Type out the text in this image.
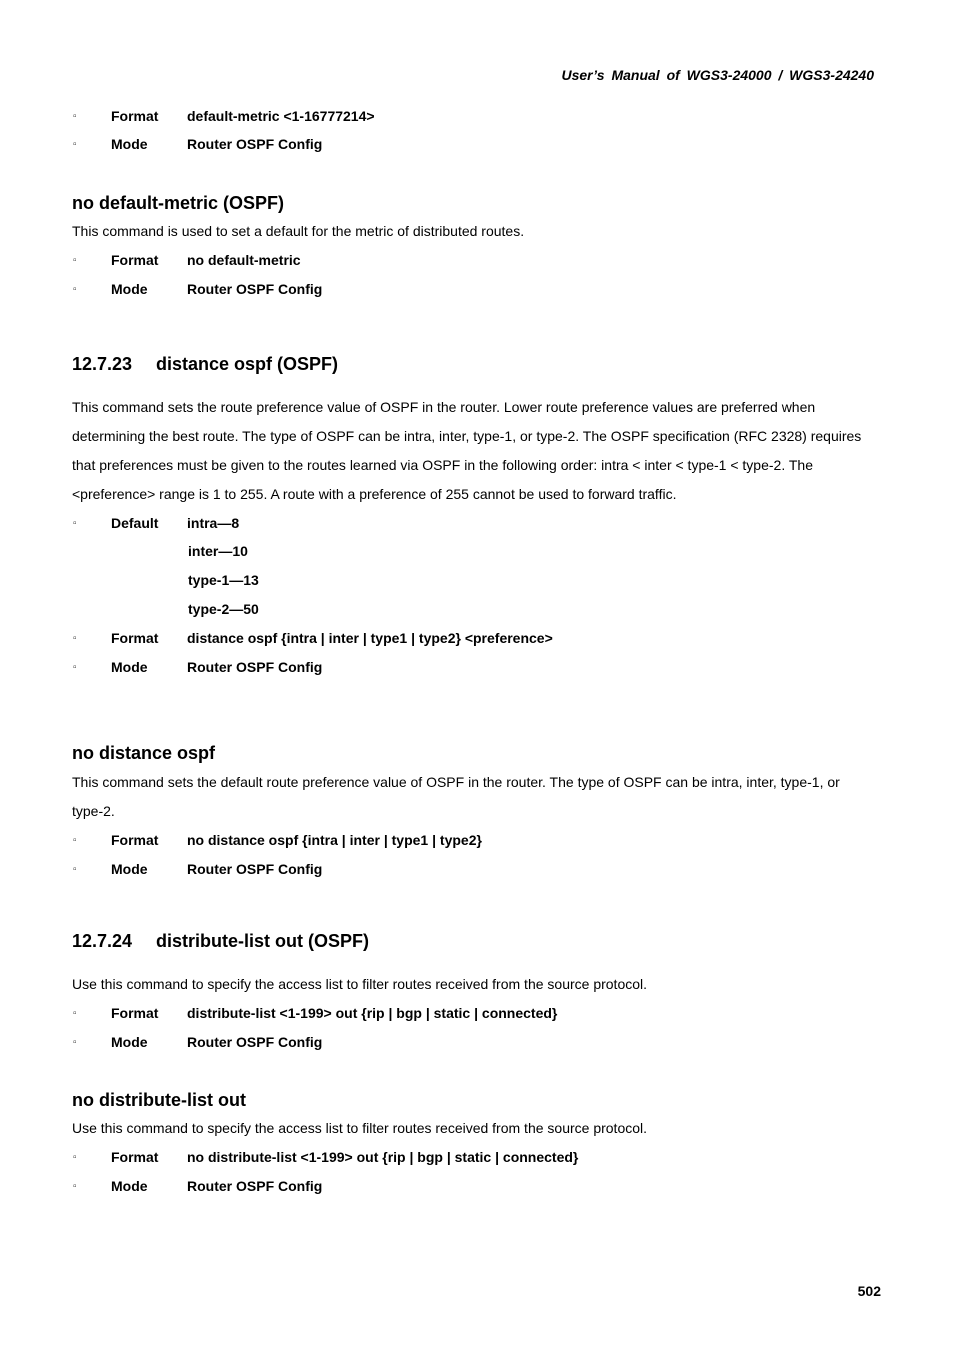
User’s Manual of WGS3-24000 / WGS3-24240
▫ Format default-metric <1-16777214>
▫ Mode	Router OSPF Config
no default-metric (OSPF)
This command is used to set a default for the metric of distributed routes.
▫ Format no default-metric
▫ Mode	Router OSPF Config
12.7.23 distance ospf (OSPF)
This command sets the route preference value of OSPF in the router. Lower route preference values are preferred when
determining the best route. The type of OSPF can be intra, inter, type-1, or type-2. The OSPF specification (RFC 2328) requires
that preferences must be given to the routes learned via OSPF in the following order: intra < inter < type-1 < type-2. The
<preference> range is 1 to 255. A route with a preference of 255 cannot be used to forward traffic.
▫ Default intra—8
inter—10
type-1—13
type-2—50
▫ Format distance ospf {intra | inter | type1 | type2} <preference>
▫ Mode	Router OSPF Config
no distance ospf
This command sets the default route preference value of OSPF in the router. The type of OSPF can be intra, inter, type-1, or
type-2.
▫ Format no distance ospf {intra | inter | type1 | type2}
▫ Mode	Router OSPF Config
12.7.24 distribute-list out (OSPF)
Use this command to specify the access list to filter routes received from the source protocol.
▫ Format distribute-list <1-199> out {rip | bgp | static | connected}
▫ Mode	Router OSPF Config
no distribute-list out
Use this command to specify the access list to filter routes received from the source protocol.
▫ Format no distribute-list <1-199> out {rip | bgp | static | connected}
▫ Mode	Router OSPF Config
502
